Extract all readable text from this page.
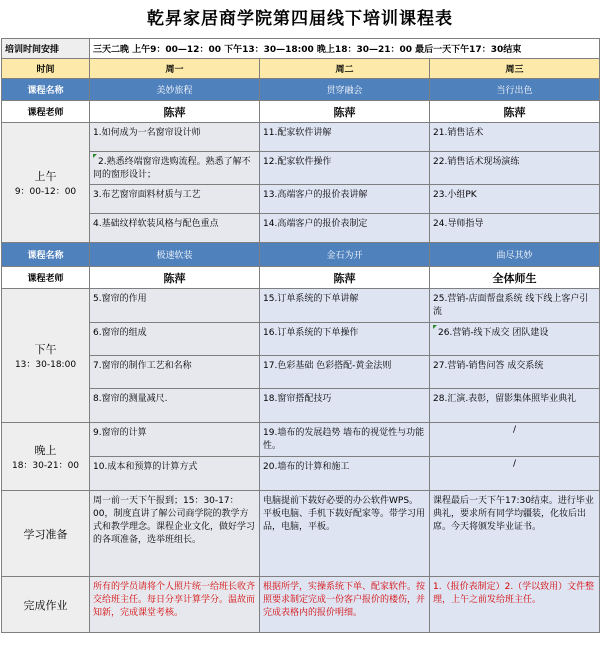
乾昇家居商学院第四届线下培训课程表
培训时间安排	三天二晚 上午9：00—12：00 下午13：30—18:00 晚上18：30—21：00 最后一天下午17：30结束		
时间	周一	周二	周三
课程名称	美妙旅程	贯穿融会	当行出色
课程老师	陈萍	陈萍	陈萍

上午
9：00-12：00	1.如何成为一名窗帘设计师	11.配家软件讲解	21.销售话术
	2.熟悉终端窗帘选购流程。熟悉了解不同的窗形设计；	12.配家软件操作	22.销售话术现场演练
	3.布艺窗帘面料材质与工艺	13.高端客户的报价表讲解	23.小组PK
	4.基础纹样软装风格与配色重点	14.高端客户的报价表制定	24.导师指导
课程名称	极速软装	金石为开	曲尽其妙
课程老师	陈萍	陈萍	全体师生

下午
13：30-18:00	5.窗帘的作用	15.订单系统的下单讲解	25.营销-店面帮盘系统 线下线上客户引流
	6.窗帘的组成	16.订单系统的下单操作	26.营销-线下成交 团队建设
	7.窗帘的制作工艺和名称	17.色彩基础 色彩搭配-黄金法则	27.营销-销售问答 成交系统
	8.窗帘的测量减尺.	18.窗帘搭配技巧	28.汇演.表彰，留影集体照毕业典礼

晚上
18：30-21：00	9.窗帘的计算	19.墙布的发展趋势 墙布的视觉性与功能性。	/
	10.成本和预算的计算方式	20.墙布的计算和施工	/
学习准备	周一前一天下午报到；15：30-17：00，制度直讲了解公司商学院的教学方式和教学理念。课程企业文化，做好学习的各项准备，选举班组长。	电脑提前下载好必要的办公软件WPS。平板电脑、手机下载好配家等。带学习用品，电脑，平板。	课程最后一天下午17:30结束。进行毕业典礼，要求所有同学均疆装，化妆后出席。今天将颁发毕业证书。
完成作业	所有的学员请将个人照片统一给班长收齐交给班主任。每日分享计算学分。温故而知新，完成课堂考核。	根据所学，实操系统下单、配家软件。按照要求制定完成一份客户报价的楼伤，并完成表格内的报价明细。	1.（报价表制定）2.（学以致用）文件整理，上午之前发给班主任。
